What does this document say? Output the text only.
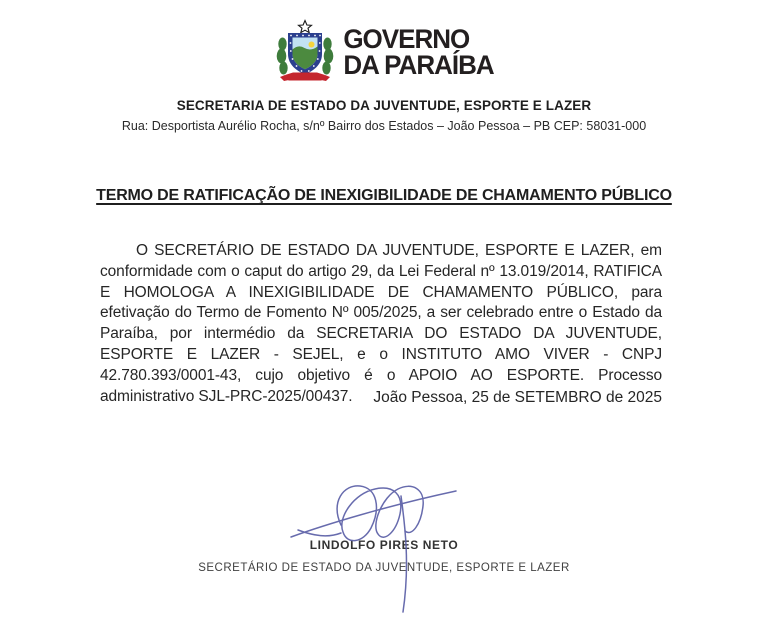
GOVERNO
DA PARAÍBA
SECRETARIA DE ESTADO DA JUVENTUDE, ESPORTE E LAZER
Rua: Desportista Aurélio Rocha, s/nº Bairro dos Estados – João Pessoa – PB CEP: 58031-000
TERMO DE RATIFICAÇÃO DE INEXIGIBILIDADE DE CHAMAMENTO PÚBLICO
O SECRETÁRIO DE ESTADO DA JUVENTUDE, ESPORTE E LAZER, em conformidade com o caput do artigo 29, da Lei Federal nº 13.019/2014, RATIFICA E HOMOLOGA A INEXIGIBILIDADE DE CHAMAMENTO PÚBLICO, para efetivação do Termo de Fomento Nº 005/2025, a ser celebrado entre o Estado da Paraíba, por intermédio da SECRETARIA DO ESTADO DA JUVENTUDE, ESPORTE E LAZER - SEJEL, e o INSTITUTO AMO VIVER - CNPJ 42.780.393/0001-43, cujo objetivo é o APOIO AO ESPORTE. Processo administrativo SJL-PRC-2025/00437.	João Pessoa, 25 de SETEMBRO de 2025
LINDOLFO PIRES NETO
SECRETÁRIO DE ESTADO DA JUVENTUDE, ESPORTE E LAZER
